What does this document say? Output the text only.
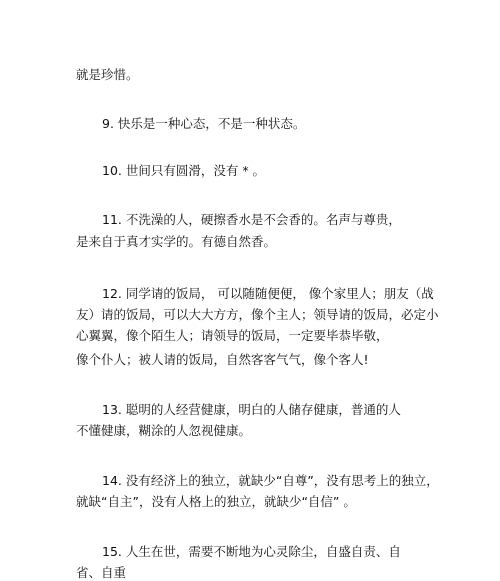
就是珍惜。
9. 快乐是一种心态，不是一种状态。
10. 世间只有圆滑，没有 * 。
11. 不洗澡的人，硬擦香水是不会香的。名声与尊贵，
是来自于真才实学的。有德自然香。
12. 同学请的饭局， 可以随随便便， 像个家里人；朋友（战
友）请的饭局，可以大大方方，像个主人；领导请的饭局，必定小
心翼翼，像个陌生人；请领导的饭局，一定要毕恭毕敬，
像个仆人；被人请的饭局，自然客客气气，像个客人!
13. 聪明的人经营健康，明白的人储存健康，普通的人
不懂健康，糊涂的人忽视健康。
14. 没有经济上的独立，就缺少“自尊”，没有思考上的独立，
就缺“自主”，没有人格上的独立，就缺少“自信” 。
15. 人生在世，需要不断地为心灵除尘，自盛自责、自
省、自重
